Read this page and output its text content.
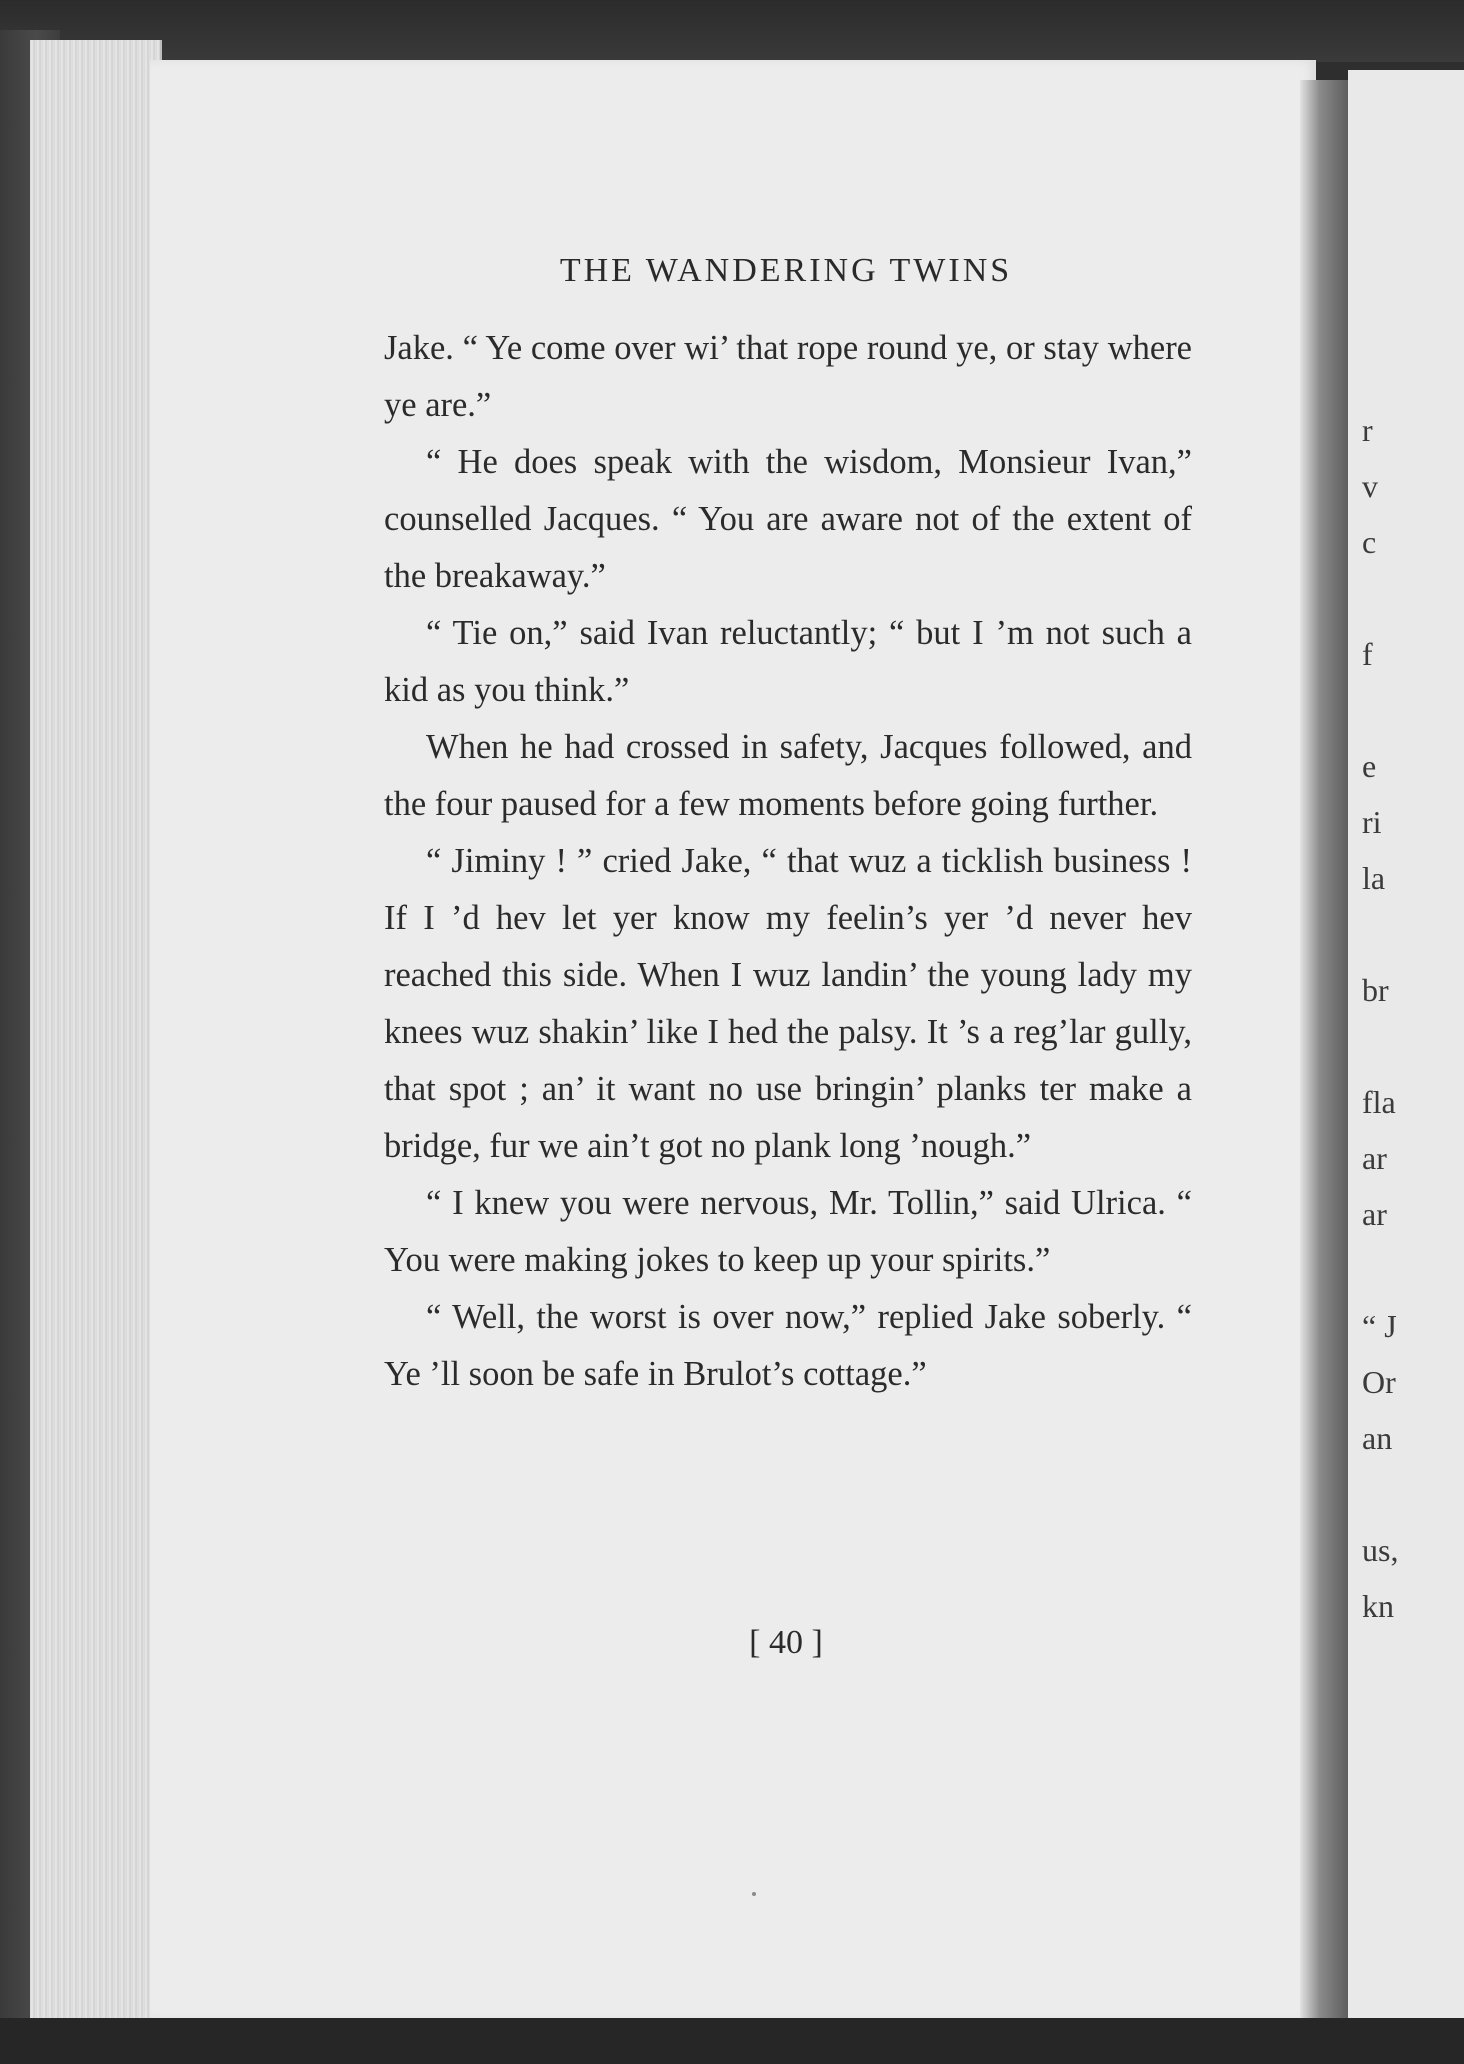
THE WANDERING TWINS

Jake. “ Ye come over wi’ that rope round ye, or stay where ye are.”

“ He does speak with the wisdom, Monsieur Ivan,” counselled Jacques. “ You are aware not of the extent of the breakaway.”

“ Tie on,” said Ivan reluctantly; “ but I ’m not such a kid as you think.”

When he had crossed in safety, Jacques followed, and the four paused for a few moments before going further.

“ Jiminy ! ” cried Jake, “ that wuz a ticklish business ! If I ’d hev let yer know my feelin’s yer ’d never hev reached this side. When I wuz landin’ the young lady my knees wuz shakin’ like I hed the palsy. It ’s a reg’lar gully, that spot ; an’ it want no use bringin’ planks ter make a bridge, fur we ain’t got no plank long ’nough.”

“ I knew you were nervous, Mr. Tollin,” said Ulrica. “ You were making jokes to keep up your spirits.”

“ Well, the worst is over now,” replied Jake soberly. “ Ye ’ll soon be safe in Brulot’s cottage.”

[ 40 ]

r
v
c
f
e
ri
la
br
fla
ar
ar
“ J
Or
an
us,
kn
